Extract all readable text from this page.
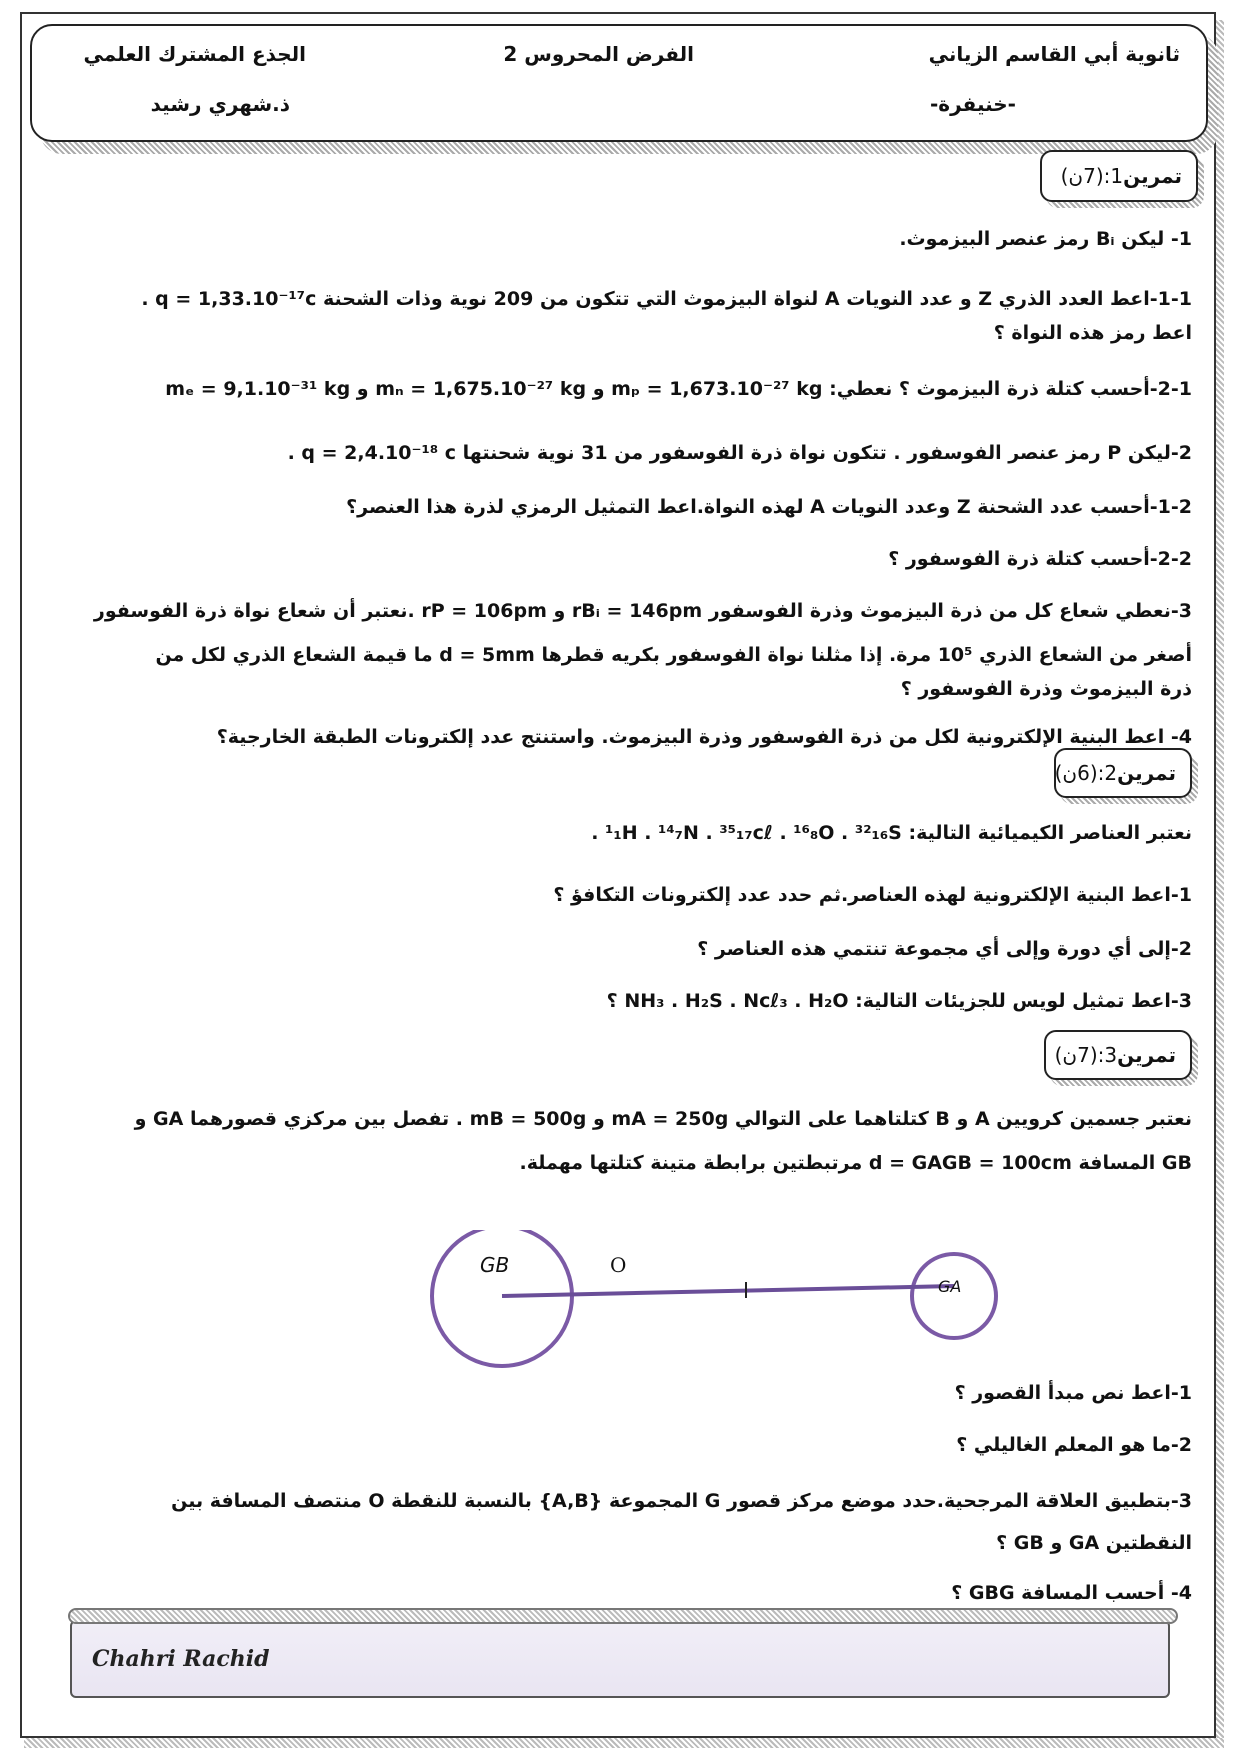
ثانوية أبي القاسم الزياني
-خنيفرة-
الفرض المحروس 2
الجذع المشترك العلمي
ذ.شهري رشيد
تمرين
1:(7ن)
1- ليكن Bᵢ رمز عنصر البيزموث.
1-1-اعط العدد الذري Z و عدد النويات A لنواة البيزموث التي تتكون من 209 نوية وذات الشحنة q = 1,33.10⁻¹⁷c .
اعط رمز هذه النواة ؟
2-1-أحسب كتلة ذرة البيزموث ؟ نعطي: mₚ = 1,673.10⁻²⁷ kg و mₙ = 1,675.10⁻²⁷ kg و mₑ = 9,1.10⁻³¹ kg
2-ليكن P رمز عنصر الفوسفور . تتكون نواة ذرة الفوسفور من 31 نوية شحنتها q = 2,4.10⁻¹⁸ c .
1-2-أحسب عدد الشحنة Z وعدد النويات A لهذه النواة.اعط التمثيل الرمزي لذرة هذا العنصر؟
2-2-أحسب كتلة ذرة الفوسفور ؟
3-نعطي شعاع كل من ذرة البيزموث وذرة الفوسفور rBᵢ = 146pm و rP = 106pm .نعتبر أن شعاع نواة ذرة الفوسفور
أصغر من الشعاع الذري 10⁵ مرة. إذا مثلنا نواة الفوسفور بكريه قطرها d = 5mm ما قيمة الشعاع الذري لكل من
ذرة البيزموث وذرة الفوسفور ؟
4- اعط البنية الإلكترونية لكل من ذرة الفوسفور وذرة البيزموث. واستنتج عدد إلكترونات الطبقة الخارجية؟
تمرين
2:(6ن)
نعتبر العناصر الكيميائية التالية: ¹₁H . ¹⁴₇N . ³⁵₁₇cℓ . ¹⁶₈O . ³²₁₆S .
1-اعط البنية الإلكترونية لهذه العناصر.ثم حدد عدد إلكترونات التكافؤ ؟
2-إلى أي دورة وإلى أي مجموعة تنتمي هذه العناصر ؟
3-اعط تمثيل لويس للجزيئات التالية: NH₃ . H₂S . Ncℓ₃ . H₂O ؟
تمرين
3:(7ن)
نعتبر جسمين كرويين A و B كتلتاهما على التوالي mA = 250g و mB = 500g . تفصل بين مركزي قصورهما GA و
GB المسافة d = GAGB = 100cm مرتبطتين برابطة متينة كتلتها مهملة.
GB	O
GA
1-اعط نص مبدأ القصور ؟
2-ما هو المعلم الغاليلي ؟
3-بتطبيق العلاقة المرجحية.حدد موضع مركز قصور G المجموعة {A,B} بالنسبة للنقطة O منتصف المسافة بين
النقطتين GA و GB ؟
4- أحسب المسافة GBG ؟
Chahri Rachid
